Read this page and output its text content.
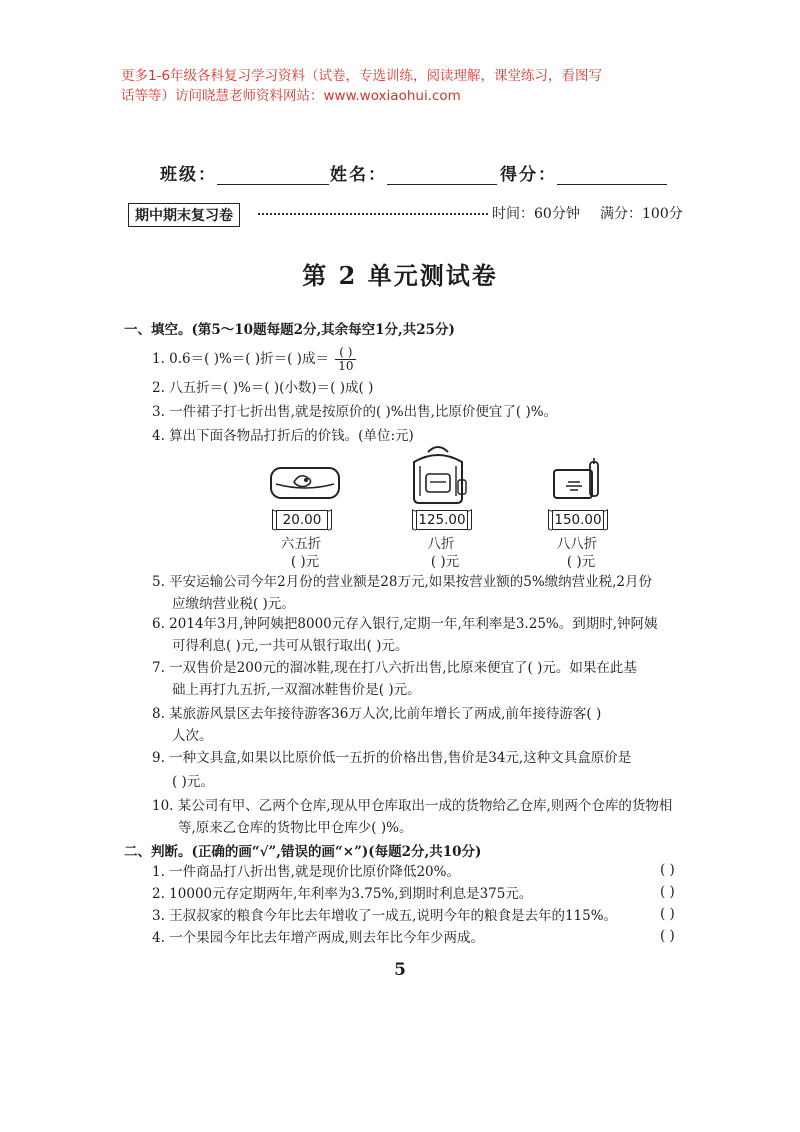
更多1-6年级各科复习学习资料（试卷，专选训练，阅读理解，课堂练习，看图写
话等等）访问晓慧老师资料网站：www.woxiaohui.com
班级：	姓名：	得分：
期中期末复习卷	时间：60分钟 满分：100分
第 2 单元测试卷
一、填空。(第5～10题每题2分,其余每空1分,共25分)
1. 0.6＝( )%＝( )折＝( )成＝ $\frac{( )}{10}$
2. 八五折＝( )%＝( )(小数)＝( )成( )
3. 一件裙子打七折出售,就是按原价的( )%出售,比原价便宜了( )%。
4. 算出下面各物品打折后的价钱。(单位:元)
20.00	125.00	150.00
六五折	八折	八八折
( )元	( )元	( )元
5. 平安运输公司今年2月份的营业额是28万元,如果按营业额的5%缴纳营业税,2月份
应缴纳营业税( )元。
6. 2014年3月,钟阿姨把8000元存入银行,定期一年,年利率是3.25%。到期时,钟阿姨
可得利息( )元,一共可从银行取出( )元。
7. 一双售价是200元的溜冰鞋,现在打八六折出售,比原来便宜了( )元。如果在此基
础上再打九五折,一双溜冰鞋售价是( )元。
8. 某旅游风景区去年接待游客36万人次,比前年增长了两成,前年接待游客( )
人次。
9. 一种文具盒,如果以比原价低一五折的价格出售,售价是34元,这种文具盒原价是
( )元。
10. 某公司有甲、乙两个仓库,现从甲仓库取出一成的货物给乙仓库,则两个仓库的货物相
等,原来乙仓库的货物比甲仓库少( )%。
二、判断。(正确的画“√”,错误的画“×”)(每题2分,共10分)
1. 一件商品打八折出售,就是现价比原价降低20%。	( )
2. 10000元存定期两年,年利率为3.75%,到期时利息是375元。	( )
3. 王叔叔家的粮食今年比去年增收了一成五,说明今年的粮食是去年的115%。	( )
4. 一个果园今年比去年增产两成,则去年比今年少两成。	( )
5
